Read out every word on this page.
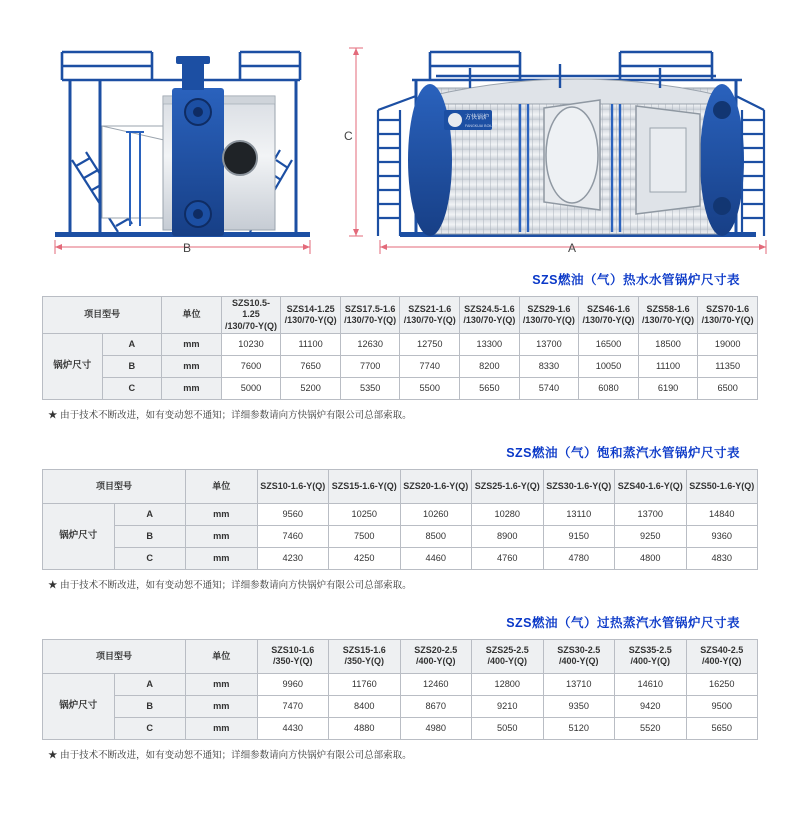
B
C
方快锅炉
FANGKUAI BOILER
A
SZS燃油（气）热水水管锅炉尺寸表
项目型号		单位	SZS10.5-1.25
/130/70-Y(Q)	SZS14-1.25
/130/70-Y(Q)	SZS17.5-1.6
/130/70-Y(Q)	SZS21-1.6
/130/70-Y(Q)	SZS24.5-1.6
/130/70-Y(Q)	SZS29-1.6
/130/70-Y(Q)	SZS46-1.6
/130/70-Y(Q)	SZS58-1.6
/130/70-Y(Q)	SZS70-1.6
/130/70-Y(Q)
锅炉尺寸	A	mm	10230	11100	12630	12750	13300	13700	16500	18500	19000
	B	mm	7600	7650	7700	7740	8200	8330	10050	11100	11350
	C	mm	5000	5200	5350	5500	5650	5740	6080	6190	6500
★ 由于技术不断改进，如有变动恕不通知；详细参数请向方快锅炉有限公司总部索取。
SZS燃油（气）饱和蒸汽水管锅炉尺寸表
项目型号		单位	SZS10-1.6-Y(Q)	SZS15-1.6-Y(Q)	SZS20-1.6-Y(Q)	SZS25-1.6-Y(Q)	SZS30-1.6-Y(Q)	SZS40-1.6-Y(Q)	SZS50-1.6-Y(Q)
锅炉尺寸	A	mm	9560	10250	10260	10280	13110	13700	14840
	B	mm	7460	7500	8500	8900	9150	9250	9360
	C	mm	4230	4250	4460	4760	4780	4800	4830
★ 由于技术不断改进，如有变动恕不通知；详细参数请向方快锅炉有限公司总部索取。
SZS燃油（气）过热蒸汽水管锅炉尺寸表
项目型号		单位	SZS10-1.6
/350-Y(Q)	SZS15-1.6
/350-Y(Q)	SZS20-2.5
/400-Y(Q)	SZS25-2.5
/400-Y(Q)	SZS30-2.5
/400-Y(Q)	SZS35-2.5
/400-Y(Q)	SZS40-2.5
/400-Y(Q)
锅炉尺寸	A	mm	9960	11760	12460	12800	13710	14610	16250
	B	mm	7470	8400	8670	9210	9350	9420	9500
	C	mm	4430	4880	4980	5050	5120	5520	5650
★ 由于技术不断改进，如有变动恕不通知；详细参数请向方快锅炉有限公司总部索取。
